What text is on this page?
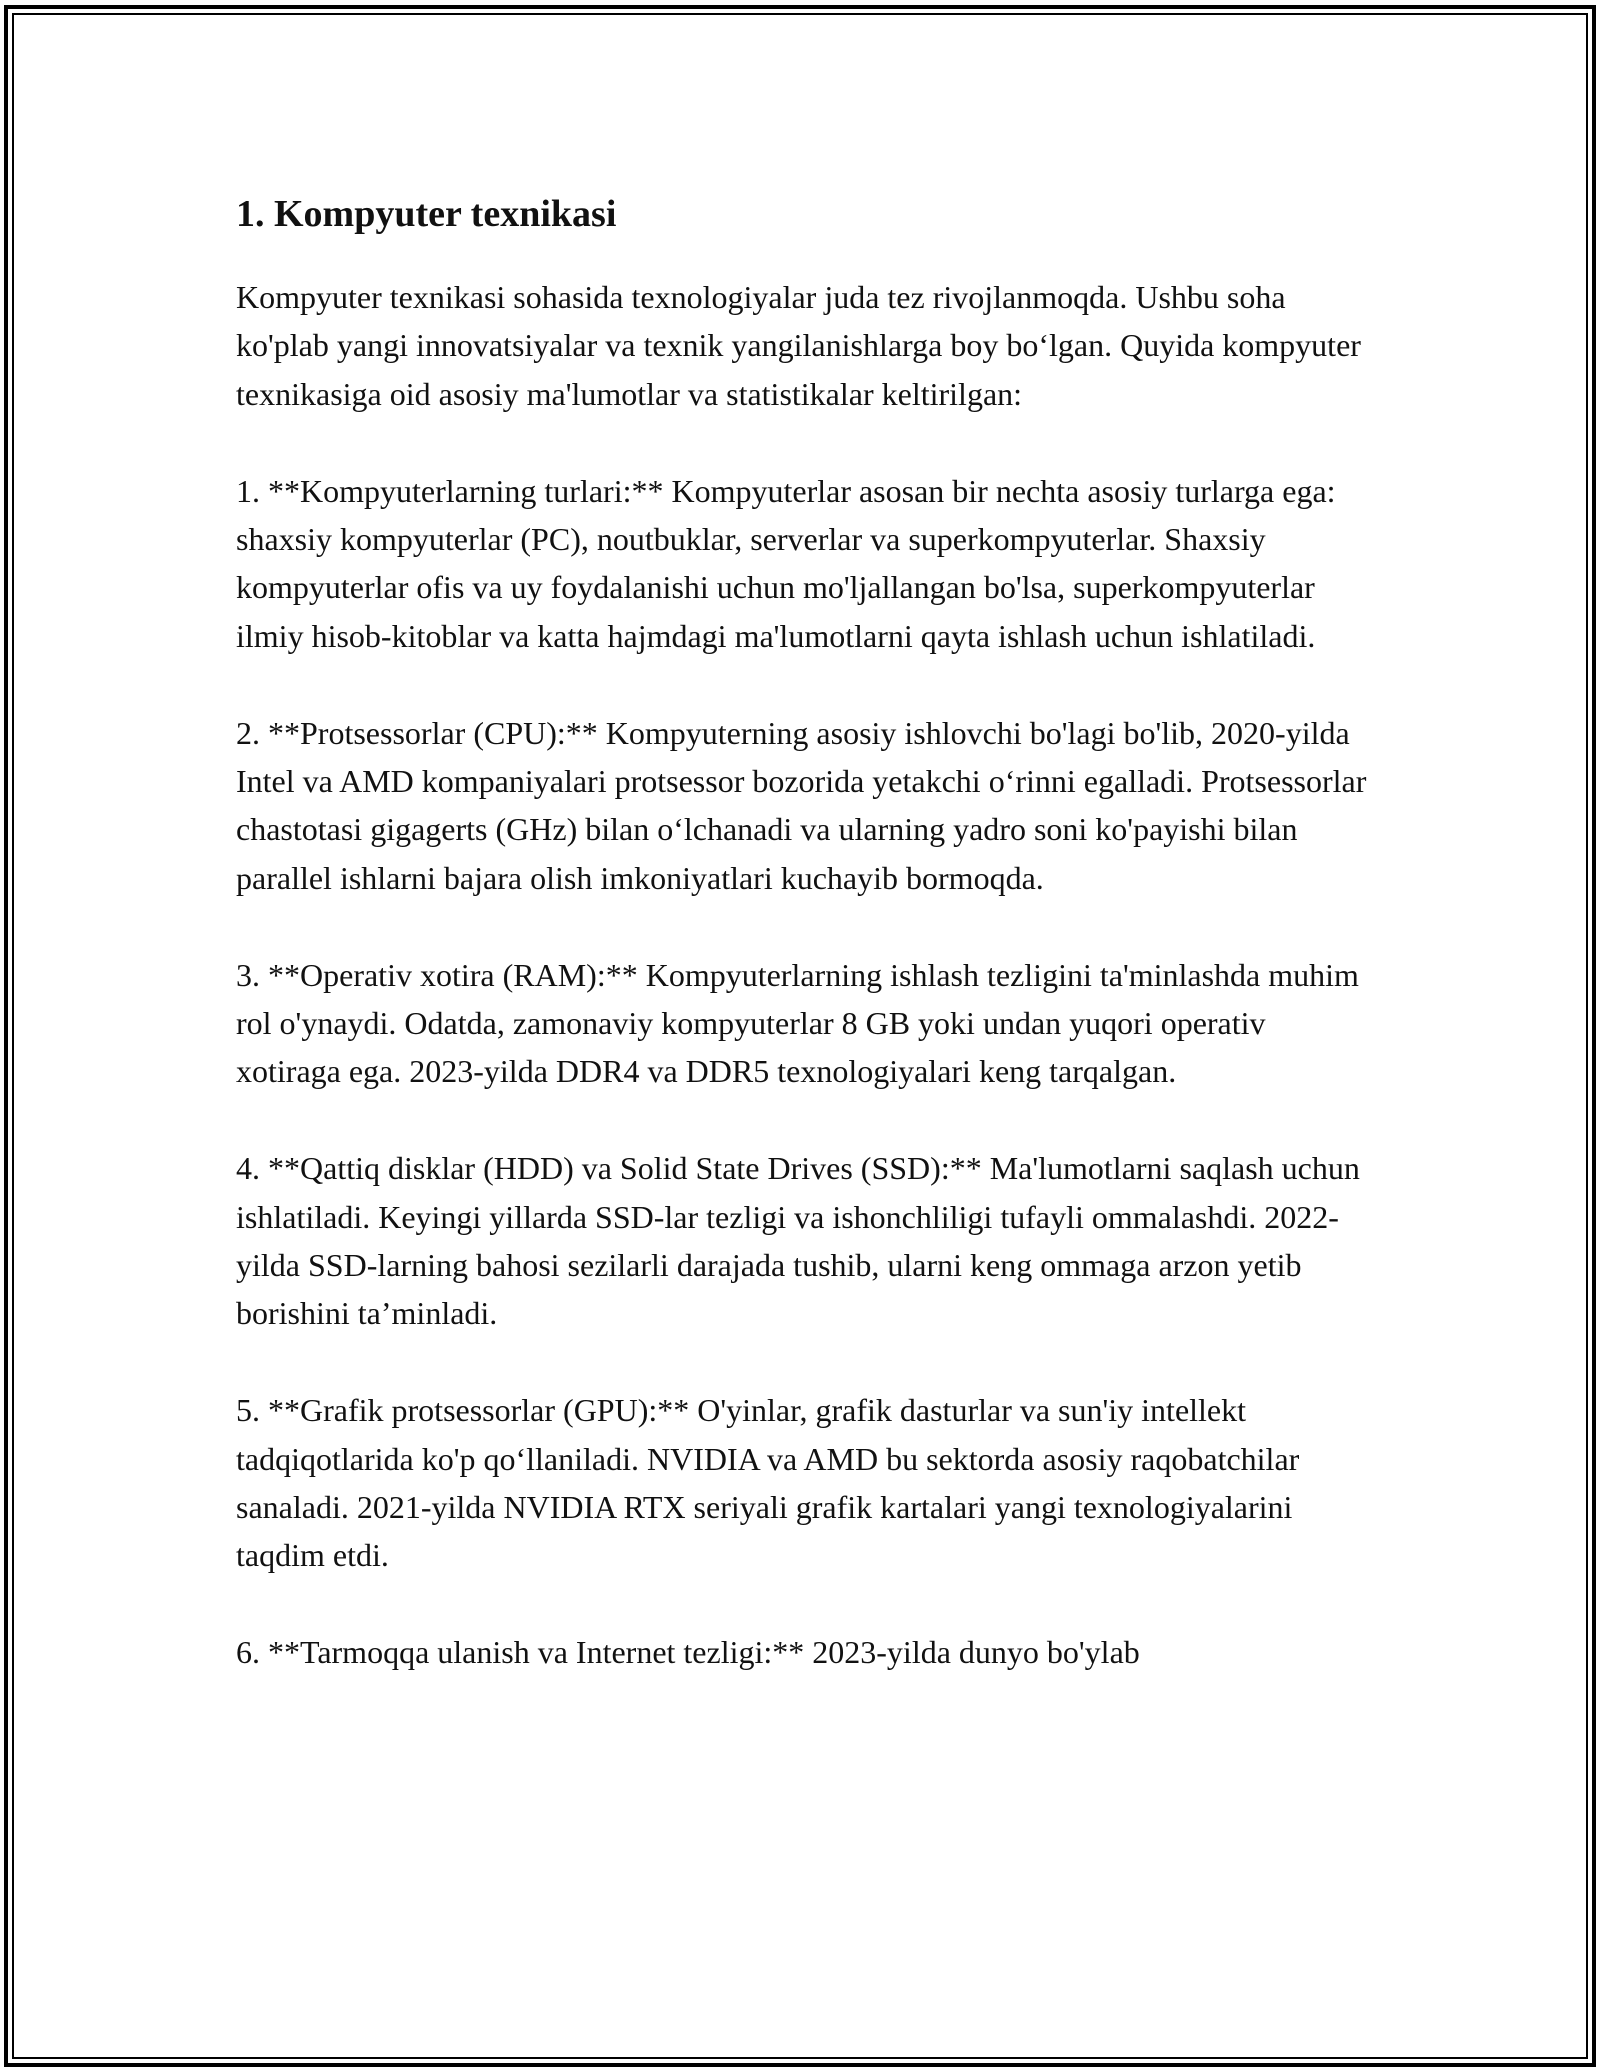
1. Kompyuter texnikasi

Kompyuter texnikasi sohasida texnologiyalar juda tez rivojlanmoqda. Ushbu soha ko'plab yangi innovatsiyalar va texnik yangilanishlarga boy bo‘lgan. Quyida kompyuter texnikasiga oid asosiy ma'lumotlar va statistikalar keltirilgan:

1. **Kompyuterlarning turlari:** Kompyuterlar asosan bir nechta asosiy turlarga ega: shaxsiy kompyuterlar (PC), noutbuklar, serverlar va superkompyuterlar. Shaxsiy kompyuterlar ofis va uy foydalanishi uchun mo'ljallangan bo'lsa, superkompyuterlar ilmiy hisob-kitoblar va katta hajmdagi ma'lumotlarni qayta ishlash uchun ishlatiladi.

2. **Protsessorlar (CPU):** Kompyuterning asosiy ishlovchi bo'lagi bo'lib, 2020-yilda Intel va AMD kompaniyalari protsessor bozorida yetakchi o‘rinni egalladi. Protsessorlar chastotasi gigagerts (GHz) bilan o‘lchanadi va ularning yadro soni ko'payishi bilan parallel ishlarni bajara olish imkoniyatlari kuchayib bormoqda.

3. **Operativ xotira (RAM):** Kompyuterlarning ishlash tezligini ta'minlashda muhim rol o'ynaydi. Odatda, zamonaviy kompyuterlar 8 GB yoki undan yuqori operativ xotiraga ega. 2023-yilda DDR4 va DDR5 texnologiyalari keng tarqalgan.

4. **Qattiq disklar (HDD) va Solid State Drives (SSD):** Ma'lumotlarni saqlash uchun ishlatiladi. Keyingi yillarda SSD-lar tezligi va ishonchliligi tufayli ommalashdi. 2022-yilda SSD-larning bahosi sezilarli darajada tushib, ularni keng ommaga arzon yetib borishini ta’minladi.

5. **Grafik protsessorlar (GPU):** O'yinlar, grafik dasturlar va sun'iy intellekt tadqiqotlarida ko'p qo‘llaniladi. NVIDIA va AMD bu sektorda asosiy raqobatchilar sanaladi. 2021-yilda NVIDIA RTX seriyali grafik kartalari yangi texnologiyalarini taqdim etdi.

6. **Tarmoqqa ulanish va Internet tezligi:** 2023-yilda dunyo bo'ylab
